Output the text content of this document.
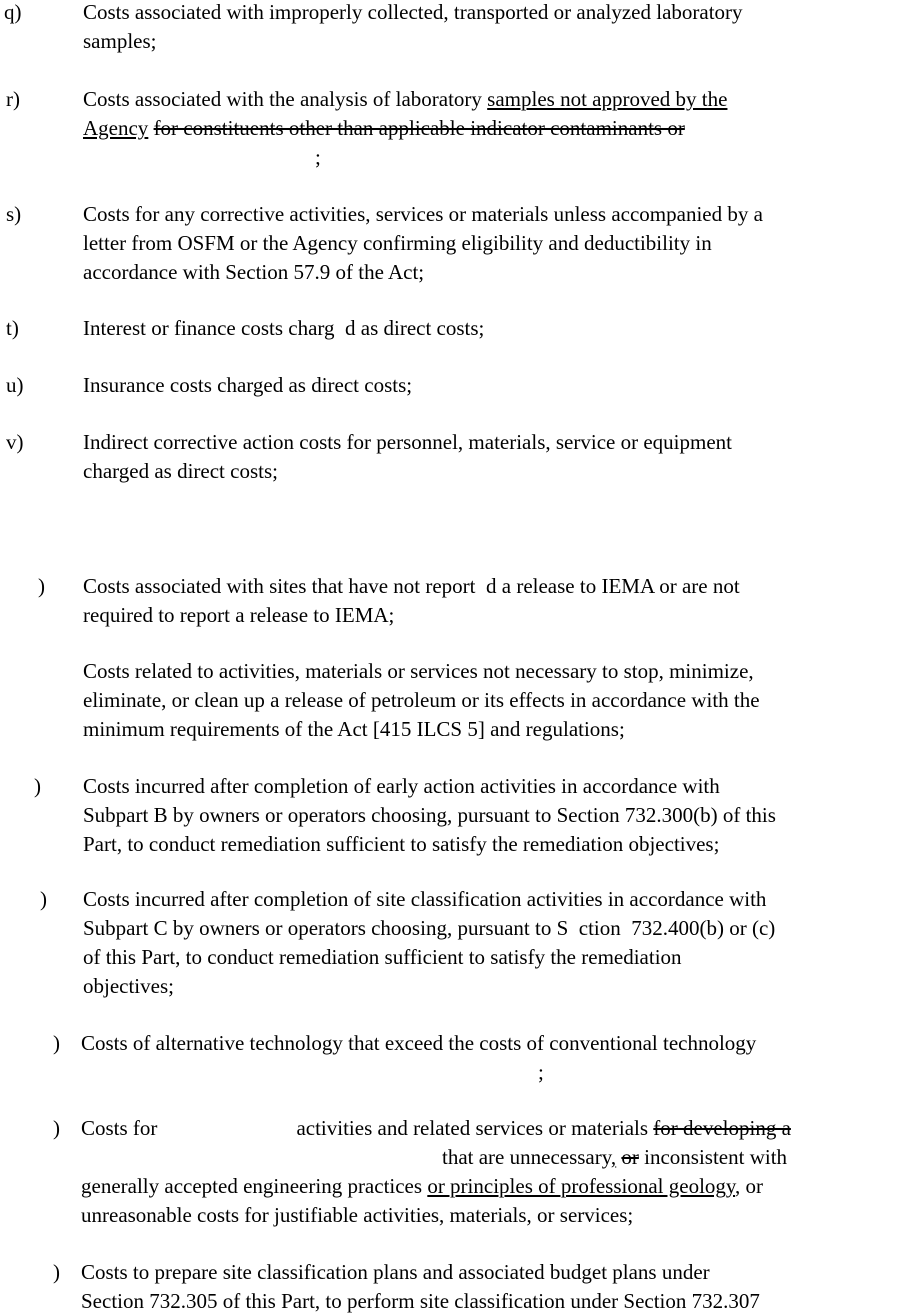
q)	Costs associated with improperly collected, transported or analyzed laboratory
samples;
r)	Costs associated with the analysis of laboratory samples not approved by the
Agency for constituents other than applicable indicator contaminants or
;
s)	Costs for any corrective activities, services or materials unless accompanied by a
letter from OSFM or the Agency confirming eligibility and deductibility in
accordance with Section 57.9 of the Act;
t)	Interest or finance costs charg  d as direct costs;
u)	Insurance costs charged as direct costs;
v)	Indirect corrective action costs for personnel, materials, service or equipment
charged as direct costs;
) Costs associated with sites that have not report  d a release to IEMA or are not
required to report a release to IEMA;
Costs related to activities, materials or services not necessary to stop, minimize,
eliminate, or clean up a release of petroleum or its effects in accordance with the
minimum requirements of the Act [415 ILCS 5] and regulations;
) Costs incurred after completion of early action activities in accordance with
Subpart B by owners or operators choosing, pursuant to Section 732.300(b) of this
Part, to conduct remediation sufficient to satisfy the remediation objectives;
) Costs incurred after completion of site classification activities in accordance with
Subpart C by owners or operators choosing, pursuant to S  ction  732.400(b) or (c)
of this Part, to conduct remediation sufficient to satisfy the remediation
objectives;
) Costs of alternative technology that exceed the costs of conventional technology
;
) Costs for	activities and related services or materials for developing a
that are unnecessary, or inconsistent with
generally accepted engineering practices or principles of professional geology, or
unreasonable costs for justifiable activities, materials, or services;
) Costs to prepare site classification plans and associated budget plans under
Section 732.305 of this Part, to perform site classification under Section 732.307
